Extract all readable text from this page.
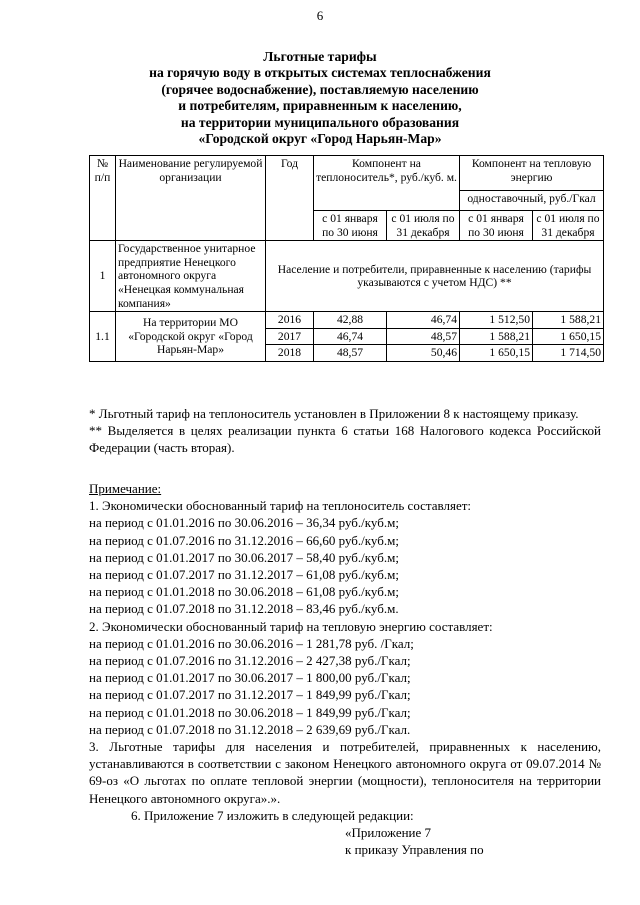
6
Льготные тарифы
на горячую воду в открытых системах теплоснабжения
(горячее водоснабжение), поставляемую населению
и потребителям, приравненным к населению,
на территории муниципального образования
«Городской округ «Город Нарьян-Мар»
№ п/п	Наименование регулируемой организации	Год	Компонент на теплоноситель*, руб./куб. м.		Компонент на тепловую энергию	
					одноставочный, руб./Гкал	
			с 01 января по 30 июня	с 01 июля по 31 декабря	с 01 января по 30 июня	с 01 июля по 31 декабря
1	Государственное унитарное предприятие Ненецкого автономного округа «Ненецкая коммунальная компания»	Население и потребители, приравненные к населению (тарифы указываются с учетом НДС) **				
1.1	На территории МО «Городской округ «Город Нарьян-Мар»	2016	42,88	46,74	1 512,50	1 588,21
		2017	46,74	48,57	1 588,21	1 650,15
		2018	48,57	50,46	1 650,15	1 714,50

* Льготный тариф на теплоноситель установлен в Приложении 8 к настоящему приказу.

** Выделяется в целях реализации пункта 6 статьи 168 Налогового кодекса Российской Федерации (часть вторая).

Примечание:
1. Экономически обоснованный тариф на теплоноситель составляет:
на период с 01.01.2016 по 30.06.2016 – 36,34 руб./куб.м;
на период с 01.07.2016 по 31.12.2016 – 66,60 руб./куб.м;
на период с 01.01.2017 по 30.06.2017 – 58,40 руб./куб.м;
на период с 01.07.2017 по 31.12.2017 – 61,08 руб./куб.м;
на период с 01.01.2018 по 30.06.2018 – 61,08 руб./куб.м;
на период с 01.07.2018 по 31.12.2018 – 83,46 руб./куб.м.
2. Экономически обоснованный тариф на тепловую энергию составляет:
на период с 01.01.2016 по 30.06.2016 – 1 281,78 руб. /Гкал;
на период с 01.07.2016 по 31.12.2016 – 2 427,38 руб./Гкал;
на период с 01.01.2017 по 30.06.2017 – 1 800,00 руб./Гкал;
на период с 01.07.2017 по 31.12.2017 – 1 849,99 руб./Гкал;
на период с 01.01.2018 по 30.06.2018 – 1 849,99 руб./Гкал;
на период с 01.07.2018 по 31.12.2018 – 2 639,69 руб./Гкал.
3. Льготные тарифы для населения и потребителей, приравненных к населению, устанавливаются в соответствии с законом Ненецкого автономного округа от 09.07.2014 № 69-оз «О льготах по оплате тепловой энергии (мощности), теплоносителя на территории Ненецкого автономного округа».».
6. Приложение 7 изложить в следующей редакции:
«Приложение 7
к приказу Управления по
